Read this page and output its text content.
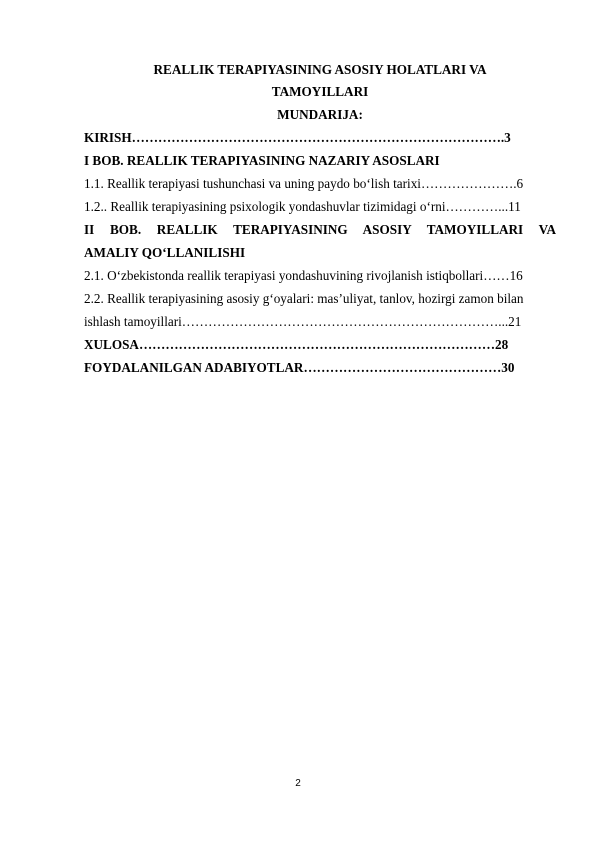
REALLIK TERAPIYASINING ASOSIY HOLATLARI VA
TAMOYILLARI
MUNDARIJA:
KIRISH………………………………………………………………………….3
I BOB. REALLIK TERAPIYASINING NAZARIY ASOSLARI
1.1. Reallik terapiyasi tushunchasi va uning paydo bo‘lish tarixi………………….6
1.2.. Reallik terapiyasining psixologik yondashuvlar tizimidagi o‘rni…………...11
II BOB. REALLIK TERAPIYASINING ASOSIY TAMOYILLARI VA
AMALIY QO‘LLANILISHI
2.1. O‘zbekistonda reallik terapiyasi yondashuvining rivojlanish istiqbollari……16
2.2. Reallik terapiyasining asosiy g‘oyalari: mas’uliyat, tanlov, hozirgi zamon bilan
ishlash tamoyillari………………………………………………………………...21
XULOSA………………………………………………………………………28
FOYDALANILGAN ADABIYOTLAR………………………………………30
2
